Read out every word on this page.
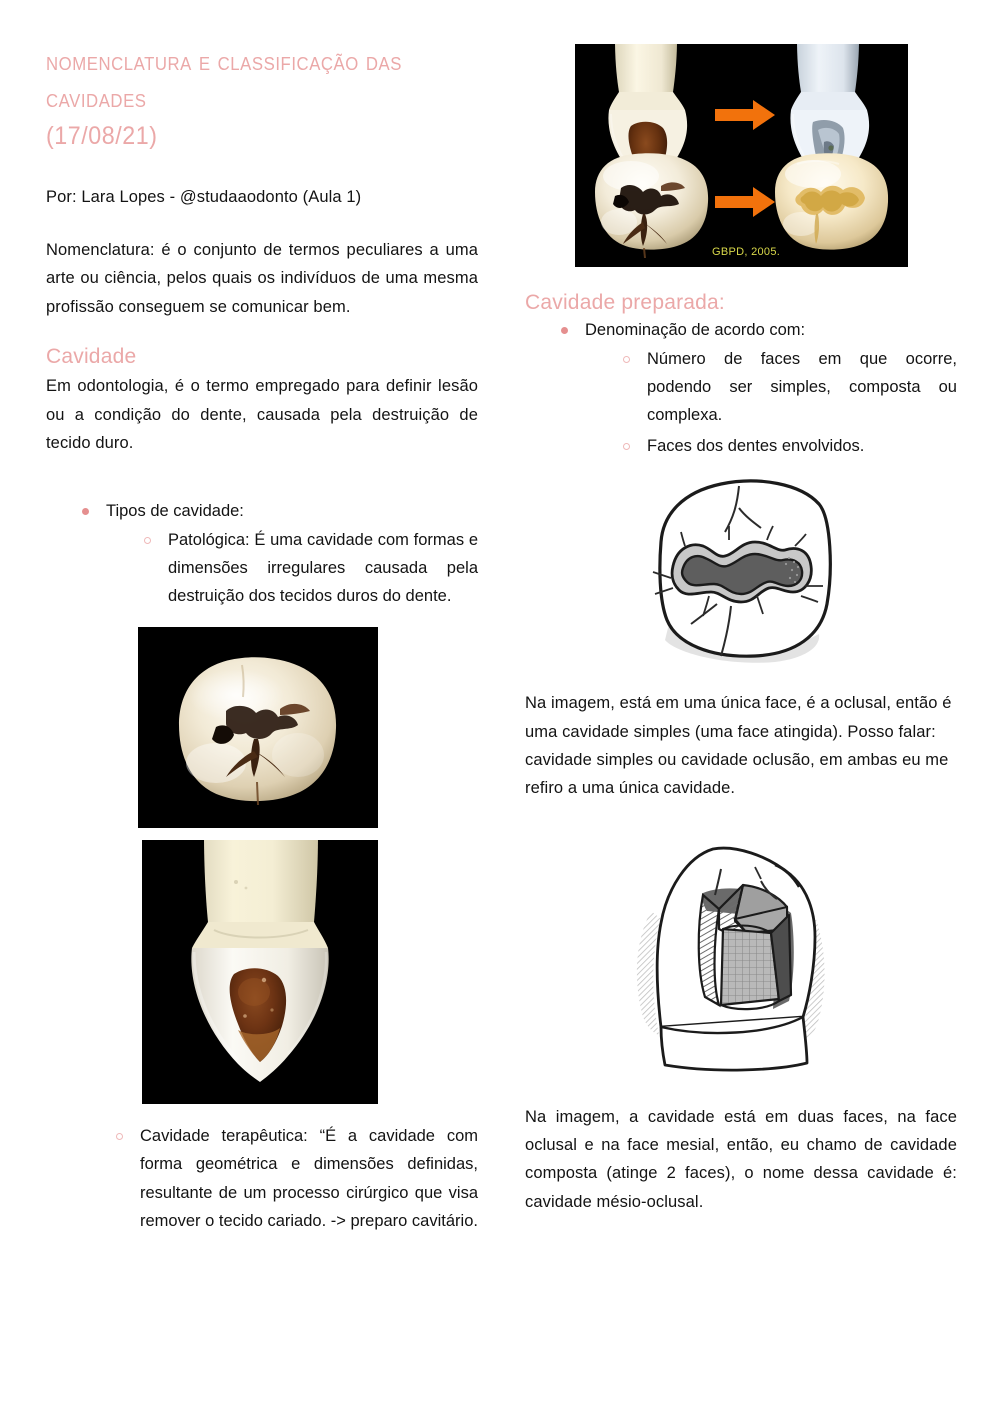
nomenclatura e classificação das cavidades
(17/08/21)
Por: Lara Lopes - @studaaodonto (Aula 1)

Nomenclatura: é o conjunto de termos peculiares a uma arte ou ciência, pelos quais os indivíduos de uma mesma profissão conseguem se comunicar bem.

Cavidade

Em odontologia, é o termo empregado para definir lesão ou a condição do dente, causada pela destruição de tecido duro.

Tipos de cavidade:
Patológica: É uma cavidade com formas e dimensões irregulares causada pela destruição dos tecidos duros do dente.
Cavidade terapêutica: “É a cavidade com forma geométrica e dimensões definidas, resultante de um processo cirúrgico que visa remover o tecido cariado. -> preparo cavitário.
GBPD, 2005.
Cavidade preparada:
Denominação de acordo com:
Número de faces em que ocorre, podendo ser simples, composta ou complexa.
Faces dos dentes envolvidos.

Na imagem, está em uma única face, é a oclusal, então é uma cavidade simples (uma face atingida). Posso falar: cavidade simples ou cavidade oclusão, em ambas eu me refiro a uma única cavidade.

Na imagem, a cavidade está em duas faces, na face oclusal e na face mesial, então, eu chamo de cavidade composta (atinge 2 faces), o nome dessa cavidade é: cavidade mésio-oclusal.
